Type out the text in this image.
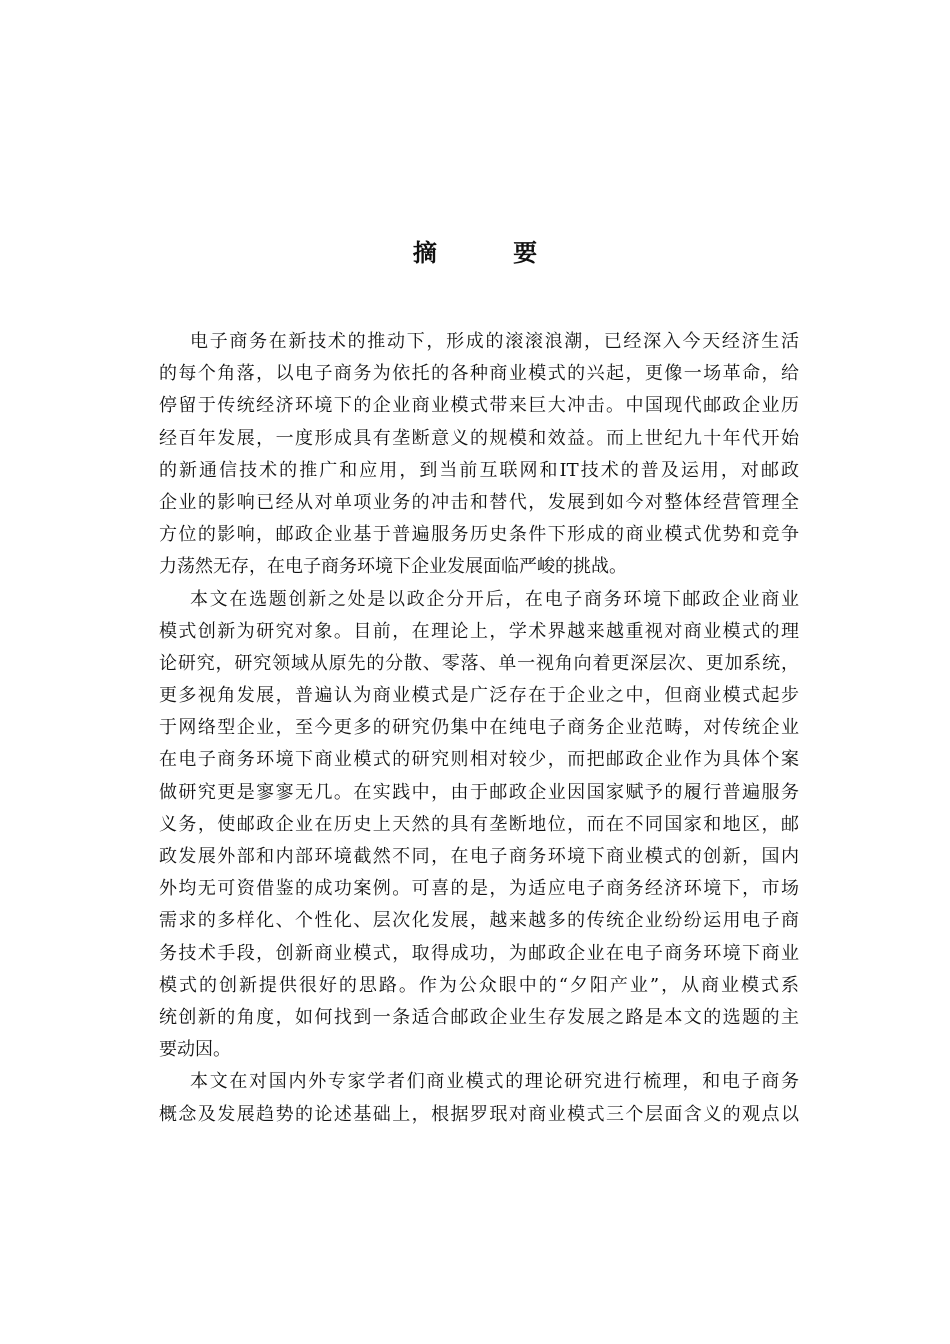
摘 要
电子商务在新技术的推动下，形成的滚滚浪潮，已经深入今天经济生活
的每个角落，以电子商务为依托的各种商业模式的兴起，更像一场革命，给
停留于传统经济环境下的企业商业模式带来巨大冲击。中国现代邮政企业历
经百年发展，一度形成具有垄断意义的规模和效益。而上世纪九十年代开始
的新通信技术的推广和应用，到当前互联网和IT技术的普及运用，对邮政
企业的影响已经从对单项业务的冲击和替代，发展到如今对整体经营管理全
方位的影响，邮政企业基于普遍服务历史条件下形成的商业模式优势和竞争
力荡然无存，在电子商务环境下企业发展面临严峻的挑战。
本文在选题创新之处是以政企分开后，在电子商务环境下邮政企业商业
模式创新为研究对象。目前，在理论上，学术界越来越重视对商业模式的理
论研究，研究领域从原先的分散、零落、单一视角向着更深层次、更加系统，
更多视角发展，普遍认为商业模式是广泛存在于企业之中，但商业模式起步
于网络型企业，至今更多的研究仍集中在纯电子商务企业范畴，对传统企业
在电子商务环境下商业模式的研究则相对较少，而把邮政企业作为具体个案
做研究更是寥寥无几。在实践中，由于邮政企业因国家赋予的履行普遍服务
义务，使邮政企业在历史上天然的具有垄断地位，而在不同国家和地区，邮
政发展外部和内部环境截然不同，在电子商务环境下商业模式的创新，国内
外均无可资借鉴的成功案例。可喜的是，为适应电子商务经济环境下，市场
需求的多样化、个性化、层次化发展，越来越多的传统企业纷纷运用电子商
务技术手段，创新商业模式，取得成功，为邮政企业在电子商务环境下商业
模式的创新提供很好的思路。作为公众眼中的“夕阳产业”，从商业模式系
统创新的角度，如何找到一条适合邮政企业生存发展之路是本文的选题的主
要动因。
本文在对国内外专家学者们商业模式的理论研究进行梳理，和电子商务
概念及发展趋势的论述基础上，根据罗珉对商业模式三个层面含义的观点以
